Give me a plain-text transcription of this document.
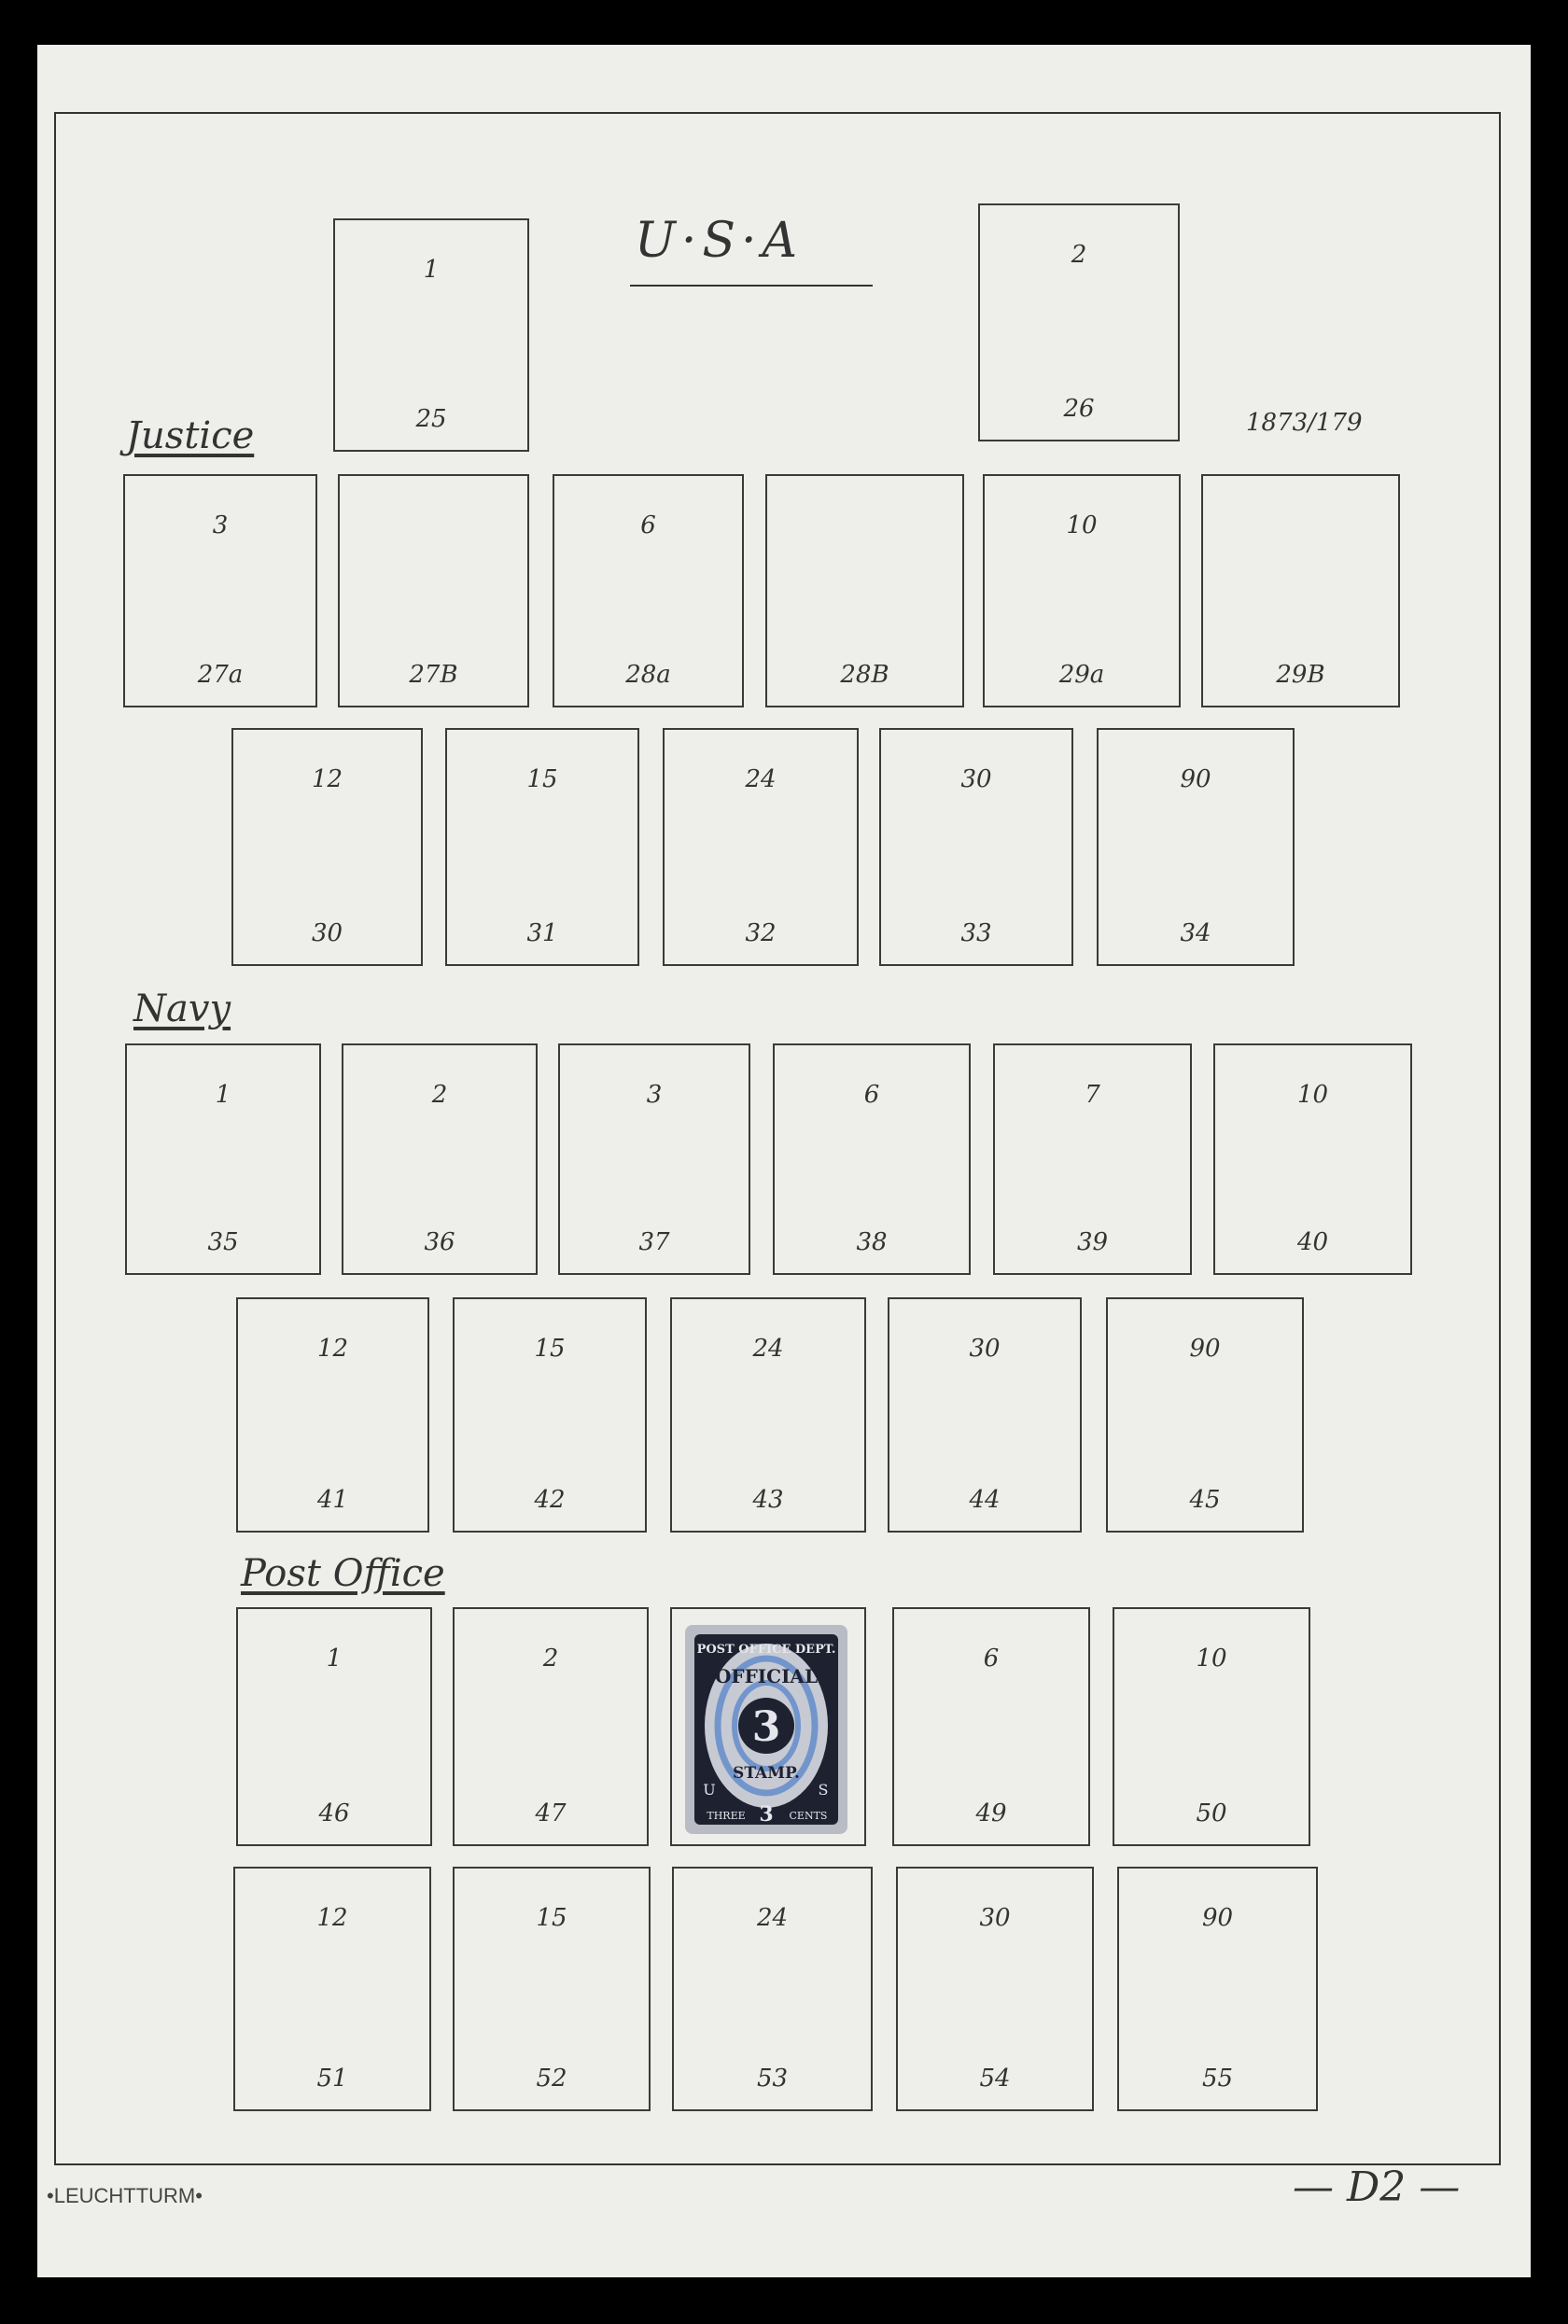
U·S·A
1873/179
1
25
2
26
Justice
Navy
Post Office
3
27a	27B
6
28a	28B
10
29a	29B
12
30
15
31
24
32
30
33
90
34
1
35
2
36
3
37
6
38
7
39
10
40
12
41
15
42
24
43
30
44
90
45
1
46
2
47
6
49
10
50
12
51
15
52
24
53
30
54
90
55
POST OFFICE DEPT.
OFFICIAL
3
STAMP.
U	S
THREE 3 CENTS
•LEUCHTTURM•	— D2 —
